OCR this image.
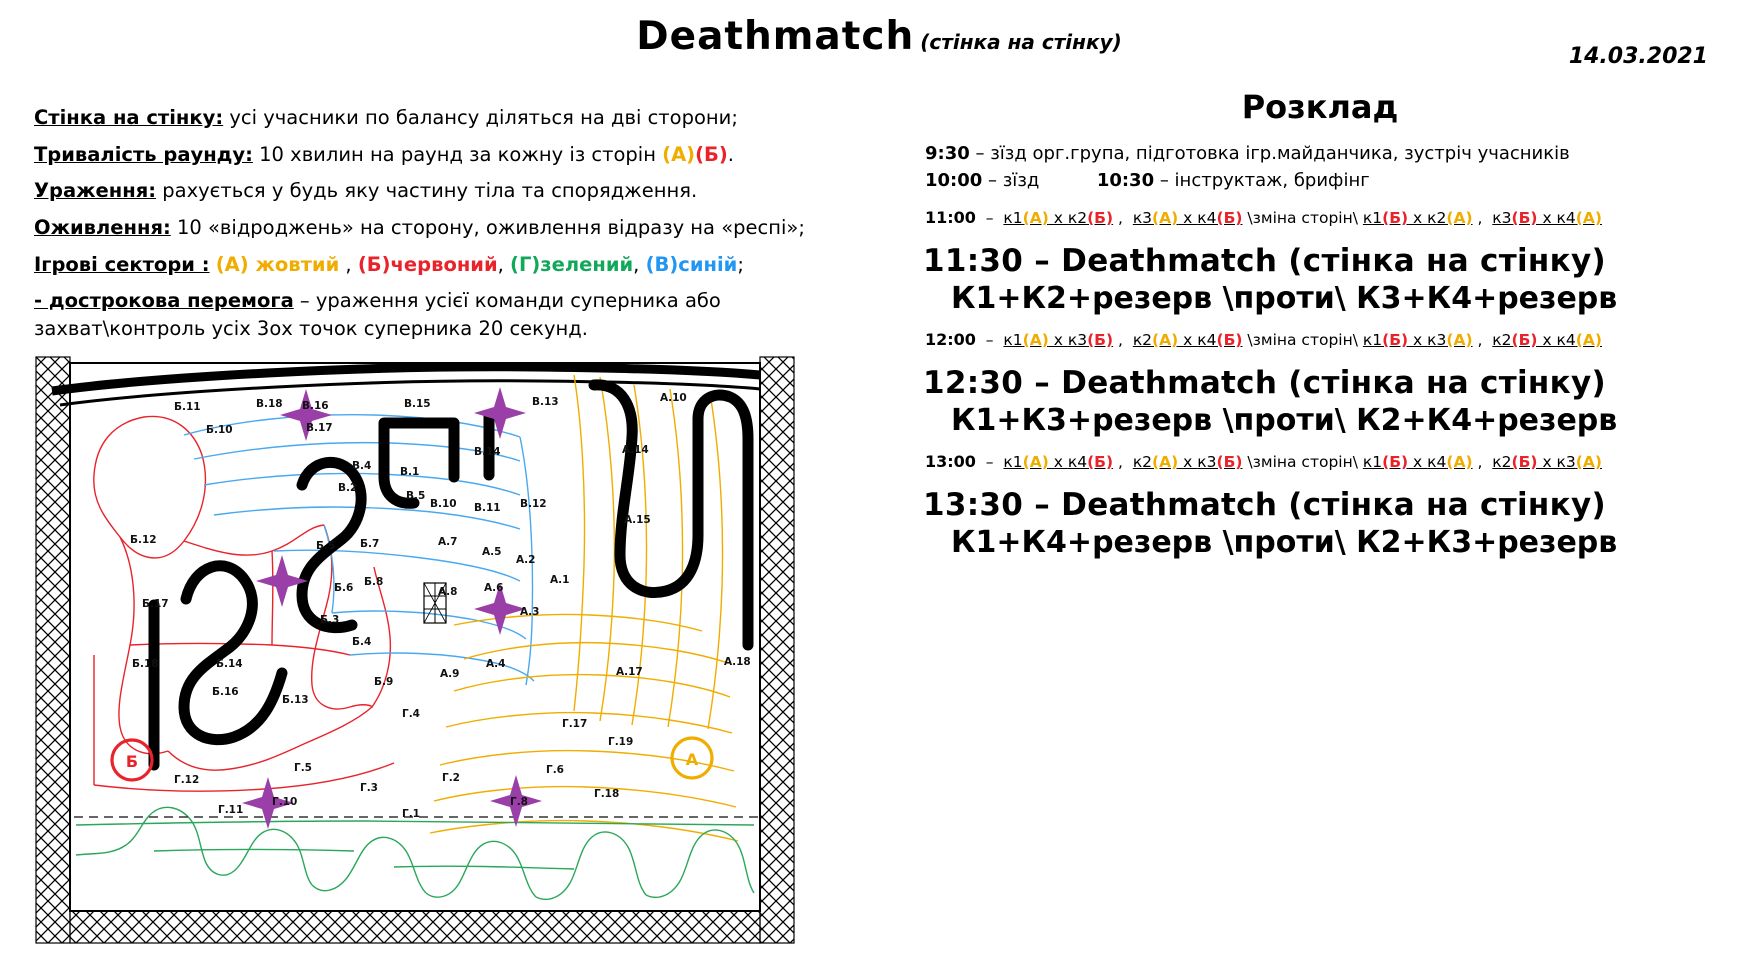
Deathmatch (стінка на стінку)
14.03.2021
Стінка на стінку: усі учасники по балансу діляться на дві сторони;
Тривалість раунду: 10 хвилин на раунд за кожну із сторін (А)(Б).
Ураження: рахується у будь яку частину тіла та спорядження.
Оживлення: 10 «відроджень» на сторону, оживлення відразу на «респі»;
Ігрові сектори : (А) жовтий , (Б)червоний, (Г)зелений, (В)синій;
- дострокова перемога – ураження усієї команди суперника або захват\контроль усіх 3ох точок суперника 20 секунд.
Розклад
9:30 – зїзд орг.група, підготовка ігр.майданчика, зустріч учасників
10:00 – зїзд	10:30 – інструктаж, брифінг
11:00  –  к1(А) х к2(Б) ,  к3(А) х к4(Б) \зміна сторін\ к1(Б) х к2(А) ,  к3(Б) х к4(А)
11:30 – Deathmatch (стінка на стінку)
К1+К2+резерв \проти\ К3+К4+резерв
12:00  –  к1(А) х к3(Б) ,  к2(А) х к4(Б) \зміна сторін\ к1(Б) х к3(А) ,  к2(Б) х к4(А)
12:30 – Deathmatch (стінка на стінку)
К1+К3+резерв \проти\ К2+К4+резерв
13:00  –  к1(А) х к4(Б) ,  к2(А) х к3(Б) \зміна сторін\ к1(Б) х к4(А) ,  к2(Б) х к3(А)
13:30 – Deathmatch (стінка на стінку)
К1+К4+резерв \проти\ К2+К3+резерв
Б	А
Б.11
Б.10
Б.12
Б.17
Б.18	Б.14
Б.16
Б.13
Б.5
Б.6
Б.3
Б.4
Б.9
Б.7
Б.8
В.18 В.16	В.15	В.13
В.17
В.14
В.4	В.1
В.2
В.5
В.10 В.11 В.12
А.10
А.14
А.15
А.7
А.5
А.2
А.1
А.6
А.8
А.3
А.4
А.9	А.17
А.18
Г.4
Г.17
Г.19
Г.12
Г.5
Г.10
Г.11
Г.3
Г.2
Г.1
Г.6
Г.8
Г.18
